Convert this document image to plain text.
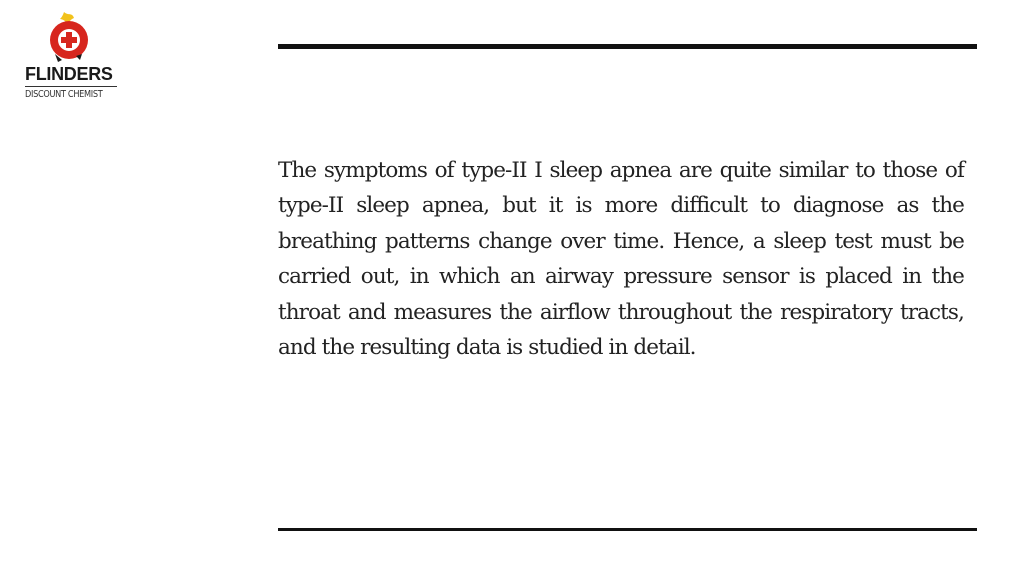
FLINDERS
DISCOUNT CHEMIST

The symptoms of type-II I sleep apnea are quite similar to those of type-II sleep apnea, but it is more difficult to diagnose as the breathing patterns change over time. Hence, a sleep test must be carried out, in which an airway pressure sensor is placed in the throat and measures the airflow throughout the respiratory tracts, and the resulting data is studied in detail.
